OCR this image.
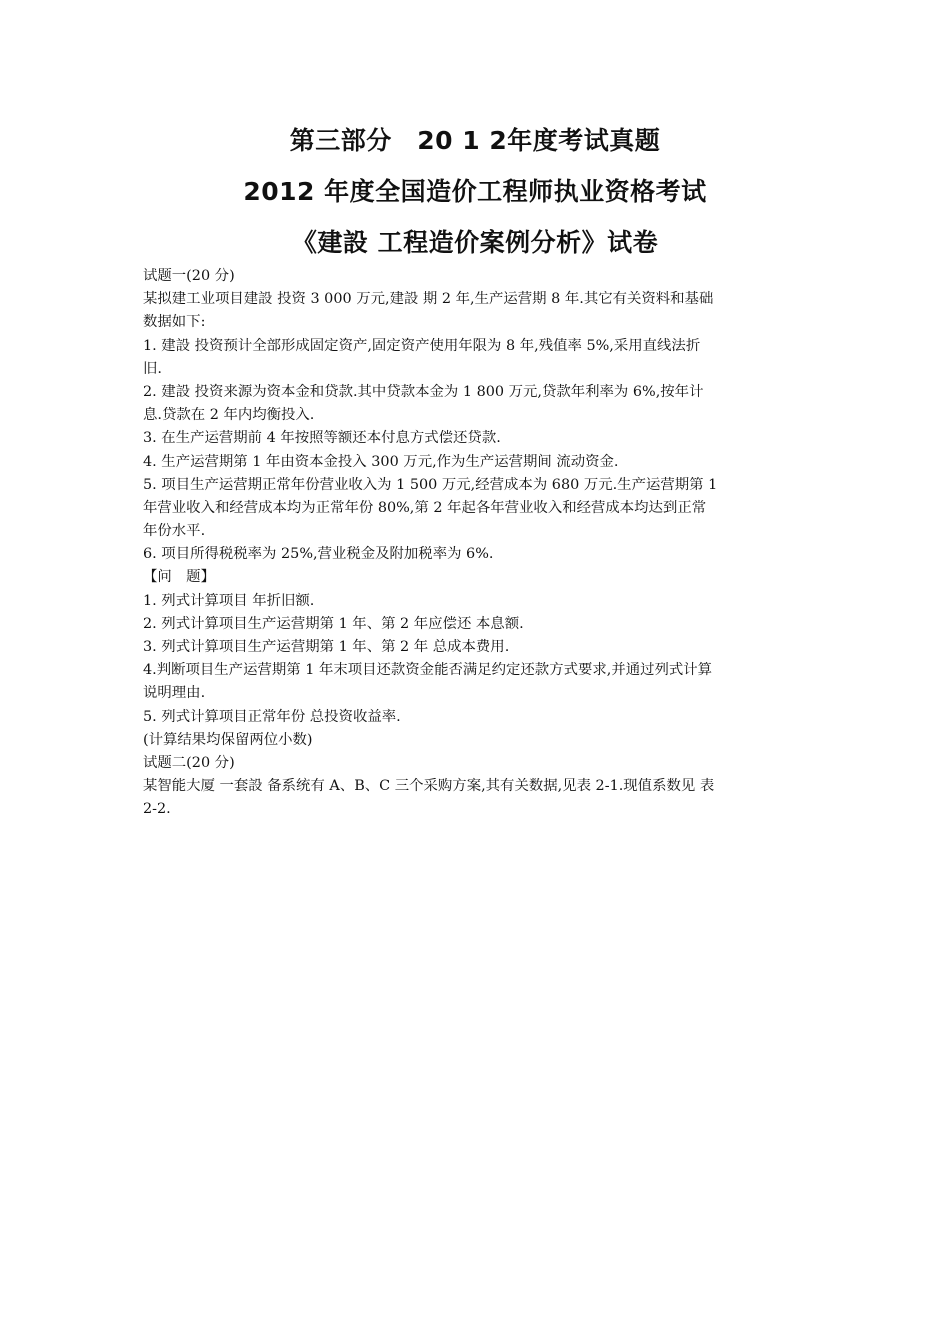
第三部分　20 1 2年度考试真题
2012 年度全国造价工程师执业资格考试
《建設 工程造价案例分析》试卷
试题一(20 分)
某拟建工业项目建設 投资 3 000 万元,建設 期 2 年,生产运营期 8 年.其它有关资料和基础
数据如下:
1. 建設 投资预计全部形成固定资产,固定资产使用年限为 8 年,残值率 5%,采用直线法折
旧.
2. 建設 投资来源为资本金和贷款.其中贷款本金为 1 800 万元,贷款年利率为 6%,按年计
息.贷款在 2 年内均衡投入.
3. 在生产运营期前 4 年按照等额还本付息方式偿还贷款.
4. 生产运营期第 1 年由资本金投入 300 万元,作为生产运营期间 流动资金.
5. 项目生产运营期正常年份营业收入为 1 500 万元,经营成本为 680 万元.生产运营期第 1
年营业收入和经营成本均为正常年份 80%,第 2 年起各年营业收入和经营成本均达到正常
年份水平.
6. 项目所得税税率为 25%,营业税金及附加税率为 6%.
【问　题】
1. 列式计算项目 年折旧额.
2. 列式计算项目生产运营期第 1 年、第 2 年应偿还 本息额.
3. 列式计算项目生产运营期第 1 年、第 2 年 总成本费用.
4.判断项目生产运营期第 1 年末项目还款资金能否满足约定还款方式要求,并通过列式计算
说明理由.
5. 列式计算项目正常年份 总投资收益率.
(计算结果均保留两位小数)
试题二(20 分)
某智能大厦 一套設 备系统有 A、B、C 三个采购方案,其有关数据,见表 2-1.现值系数见 表
2-2.
